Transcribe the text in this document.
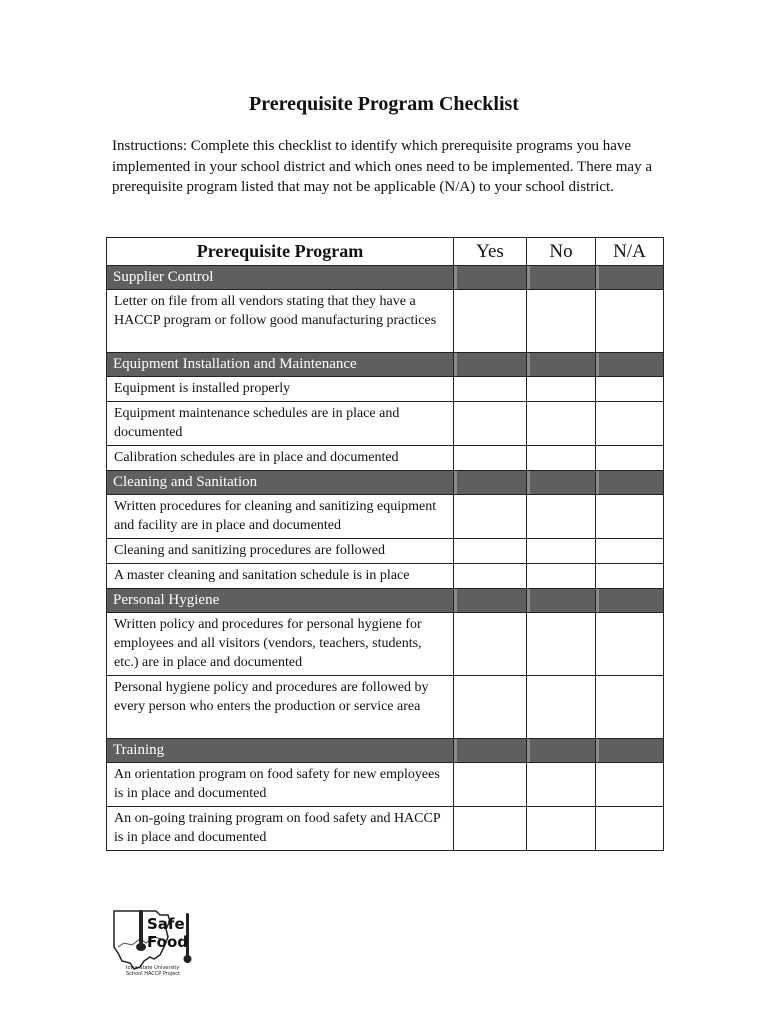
Prerequisite Program Checklist
Instructions: Complete this checklist to identify which prerequisite programs you have implemented in your school district and which ones need to be implemented. There may a prerequisite program listed that may not be applicable (N/A) to your school district.
Prerequisite Program	Yes	No	N/A
Supplier Control			
Letter on file from all vendors stating that they have a HACCP program or follow good manufacturing practices			
Equipment Installation and Maintenance			
Equipment is installed properly			
Equipment maintenance schedules are in place and documented			
Calibration schedules are in place and documented			
Cleaning and Sanitation			
Written procedures for cleaning and sanitizing equipment and facility are in place and documented			
Cleaning and sanitizing procedures are followed			
A master cleaning and sanitation schedule is in place			
Personal Hygiene			
Written policy and procedures for personal hygiene for employees and all visitors (vendors, teachers, students, etc.) are in place and documented			
Personal hygiene policy and procedures are followed by every person who enters the production or service area			
Training			
An orientation program on food safety for new employees is in place and documented			
An on-going training program on food safety and HACCP is in place and documented			
Safe
Food
Iowa State University
School HACCP Project
